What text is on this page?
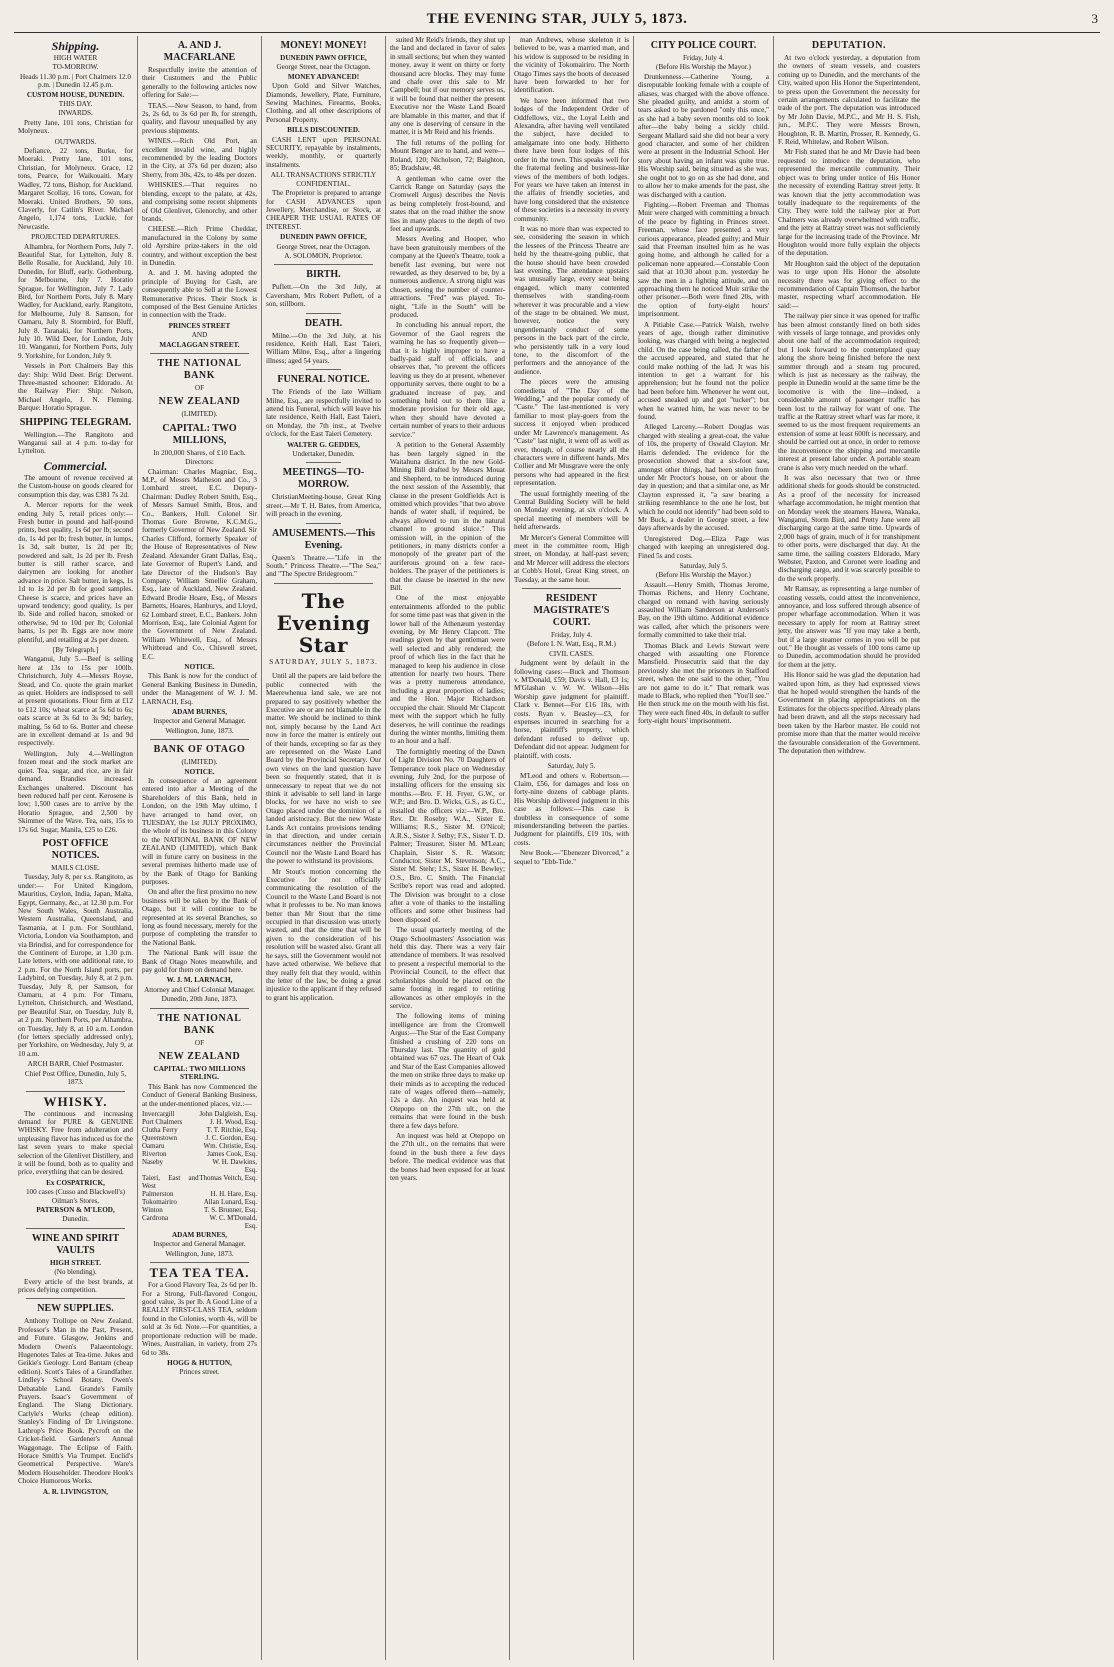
THE EVENING STAR, JULY 5, 1873.	3
Shipping.
HIGH WATER
TO-MORROW.
Heads 11.30 p.m. | Port Chalmers 12.0 p.m. | Dunedin 12.45 p.m.
CUSTOM HOUSE, DUNEDIN.
THIS DAY.
INWARDS.

Pretty Jane, 101 tons, Christian for Molyneux.

OUTWARDS.

Defiance, 22 tons, Burke, for Moeraki. Pretty Jane, 101 tons, Christian, for Molyneux. Grace, 12 tons, Pearce, for Waikouaiti. Mary Wadley, 72 tons, Bishop, for Auckland. Margaret Scollay, 16 tons, Cowan, for Moeraki. United Brothers, 50 tons, Claverly, for Catlin's River. Michael Angelo, 1,174 tons, Luckie, for Newcastle.

PROJECTED DEPARTURES.

Alhambra, for Northern Ports, July 7. Beautiful Star, for Lyttelton, July 8. Belle Rosalie, for Auckland, July 10. Dunedin, for Bluff, early. Gothenburg, for Melbourne, July 7. Horatio Sprague, for Wellington, July 7. Lady Bird, for Northern Ports, July 8. Mary Wadley, for Auckland, early. Rangitoto, for Melbourne, July 8. Samson, for Oamaru, July 8. Stormbird, for Bluff, July 8. Taranaki, for Northern Ports, July 10. Wild Deer, for London, July 10. Wanganui, for Northern Ports, July 9. Yorkshire, for London, July 9.

Vessels in Port Chalmers Bay this day: Ship: Wild Deer. Brig: Derwent. Three-masted schooner: Eldorado. At the Railway Pier: Ship: Nelson, Michael Angelo, J. N. Fleming. Barque: Horatio Sprague.

SHIPPING TELEGRAM.

Wellington.—The Rangitoto and Wanganui sail at 4 p.m. to-day for Lyttelton.

Commercial.

The amount of revenue received at the Custom-house on goods cleared for consumption this day, was £381 7s 2d.

A. Mercer reports for the week ending July 5, retail prices only:— Fresh butter in pound and half-pound prints, best quality, 1s 6d per lb; second do, 1s 4d per lb; fresh butter, in lumps, 1s 3d, salt butter, 1s 2d per lb; powdered and salt, 1s 2d per lb. Fresh butter is still rather scarce, and dairymen are looking for another advance in price. Salt butter, in kegs, 1s 1d to 1s 2d per lb for good samples. Cheese is scarce, and prices have an upward tendency; good quality, 1s per lb. Side and rolled bacon, smoked or otherwise, 9d to 10d per lb; Colonial hams, 1s per lb. Eggs are now more plentiful, and retailing at 2s per dozen.

[By Telegraph.]

Wanganui, July 5.—Beef is selling here at 13s to 15s per 100lb. Christchurch, July 4.—Messrs Royse, Stead, and Co. quote the grain market as quiet. Holders are indisposed to sell at present quotations. Flour firm at £12 to £12 10s; wheat scarce at 5s 6d to 6s; oats scarce at 3s 6d to 3s 9d; barley, malting, 5s 6d to 6s. Butter and cheese are in excellent demand at 1s and 9d respectively.

Wellington, July 4.—Wellington frozen meat and the stock market are quiet. Tea, sugar, and rice, are in fair demand. Brandies increased. Exchanges unaltered. Discount has been reduced half per cent. Kerosene is low; 1,500 cases are to arrive by the Horatio Sprague, and 2,500 by Skimmer of the Wave. Tea, oats, 15s to 17s 6d. Sugar, Manila, £25 to £26.

POST OFFICE NOTICES.
MAILS CLOSE.

Tuesday, July 8, per s.s. Rangitoto, as under:— For United Kingdom, Mauritius, Ceylon, India, Japan, Malta, Egypt, Germany, &c., at 12.30 p.m. For New South Wales, South Australia, Western Australia, Queensland, and Tasmania, at 1 p.m. For Southland, Victoria, London via Southampton, and via Brindisi, and for correspondence for the Continent of Europe, at 1.30 p.m. Late letters, with one additional rate, to 2 p.m. For the North Island ports, per Ladybird, on Tuesday, July 8, at 2 p.m. Tuesday, July 8, per Samson, for Oamaru, at 4 p.m. For Timaru, Lyttelton, Christchurch, and Westland, per Beautiful Star, on Tuesday, July 8, at 2 p.m. Northern Ports, per Alhambra, on Tuesday, July 8, at 10 a.m. London (for letters specially addressed only), per Yorkshire, on Wednesday, July 9, at 10 a.m.

ARCH BARR, Chief Postmaster.
Chief Post Office, Dunedin, July 5, 1873.
WHISKY.

The continuous and increasing demand for PURE & GENUINE WHISKY. Free from adulteration and unpleasing flavor has induced us for the last seven years to make special selection of the Glenlivet Distillery, and it will be found, both as to quality and price, everything that can be desired.

Ex COSPATRICK,
100 cases (Cusso and Blackwell's) Oilman's Stores,
PATERSON & M'LEOD,
Dunedin.
WINE AND SPIRIT VAULTS
HIGH STREET.
(No blending).

Every article of the best brands, at prices defying competition.

NEW SUPPLIES.

Anthony Trollope on New Zealand. Professor's Man in the Past, Present, and Future. Glasgow, Jenkins and Modern Owen's Palaeontology. Hugenotes Tales at Tea-time. Jukes and Geikie's Geology. Lord Bantam (cheap edition). Scott's Tales of a Grandfather. Lindley's School Botany. Owen's Debatable Land. Grande's Family Prayers. Isaac's Government of England. The Slang Dictionary. Carlyle's Works (cheap edition). Stanley's Finding of Dr Livingstone. Lathrop's Price Book. Pycroft on the Cricket-field. Gardener's Annual Waggonage. The Eclipse of Faith. Horace Smith's Via Trumpet. Euclid's Geometrical Perspective. Ware's Modern Householder. Theodore Hook's Choice Humorous Works.

A. R. LIVINGSTON,
A. AND J. MACFARLANE

Respectfully invite the attention of their Customers and the Public generally to the following articles now offering for Sale:—

TEAS.—New Season, to hand, from 2s, 2s 6d, to 3s 6d per lb, for strength, quality, and flavour unequalled by any previous shipments.

WINES.—Rich Old Port, an excellent invalid wine, and highly recommended by the leading Doctors in the City, at 37s 6d per dozen; also Sherry, from 30s, 42s, to 48s per dozen.

WHISKIES.—That requires no blending, except to the palate, at 42s, and comprising some recent shipments of Old Glenlivet, Glenorchy, and other brands.

CHEESE.—Rich Prime Cheddar, manufactured in the Colony by some old Ayrshire prize-takers in the old country, and without exception the best in Dunedin.

A. and J. M. having adopted the principle of Buying for Cash, are consequently able to Sell at the Lowest Remunerative Prices. Their Stock is composed of the Best Genuine Articles in connection with the Trade.

PRINCES STREET
AND
MACLAGGAN STREET.
THE NATIONAL BANK
OF
NEW ZEALAND
(LIMITED).
CAPITAL: TWO MILLIONS,
In 200,000 Shares, of £10 Each.
Directors:

Chairman: Charles Magniac, Esq., M.P., of Messrs Matheson and Co., 3 Lombard street, E.C. Deputy-Chairman: Dudley Robert Smith, Esq., of Messrs Samuel Smith, Bros, and Co., Bankers, Hull. Colonel Sir Thomas Gore Browne, K.C.M.G., formerly Governor of New Zealand. Sir Charles Clifford, formerly Speaker of the House of Representatives of New Zealand. Alexander Grant Dallas, Esq., late Governor of Rupert's Land, and late Director of the Hudson's Bay Company. William Smellie Graham, Esq., late of Auckland, New Zealand. Edward Brodie Hoare, Esq., of Messrs Barnetts, Hoares, Hanburys, and Lloyd, 62 Lombard street, E.C., Bankers. John Morrison, Esq., late Colonial Agent for the Government of New Zealand. William Whitewell, Esq., of Messrs Whitbread and Co., Chiswell street, E.C.

NOTICE.

This Bank is now for the conduct of General Banking Business in Dunedin, under the Management of W. J. M. LARNACH, Esq.

ADAM BURNES,
Inspector and General Manager.
Wellington, June, 1873.
BANK OF OTAGO
(LIMITED).
NOTICE.

In consequence of an agreement entered into after a Meeting of the Shareholders of this Bank, held in London, on the 19th May ultimo, I have arranged to hand over, on TUESDAY, the 1st JULY PROXIMO, the whole of its business in this Colony to the NATIONAL BANK OF NEW ZEALAND (LIMITED), which Bank will in future carry on business in the several premises hitherto made use of by the Bank of Otago for Banking purposes.

On and after the first proximo no new business will be taken by the Bank of Otago, but it will continue to be represented at its several Branches, so long as found necessary, merely for the purpose of completing the transfer to the National Bank.

The National Bank will issue the Bank of Otago Notes meanwhile, and pay gold for them on demand here.

W. J. M. LARNACH,
Attorney and Chief Colonial Manager.
Dunedin, 20th June, 1873.
THE NATIONAL BANK
OF
NEW ZEALAND
CAPITAL: TWO MILLIONS STERLING.

This Bank has now Commenced the Conduct of General Banking Business, at the under-mentioned places, viz.:—

Invercargill	John Dalgleish, Esq.
Port Chalmers	J. H. Wood, Esq.
Clutha Ferry	T. T. Ritchie, Esq.
Queenstown	J. C. Gordon, Esq.
Oamaru	Wm. Christie, Esq.
Riverton	James Cook, Esq.
Naseby	W. H. Dawkins, Esq.
Taieri, East and West	Thomas Veitch, Esq.
Palmerston	H. H. Hare, Esq.
Tokomairiro	Allan Lunard, Esq.
Winton	T. S. Brunner, Esq.
Cardrona	W. C. M'Donald, Esq.
ADAM BURNES,
Inspector and General Manager.
Wellington, June, 1873.
TEA TEA TEA.

For a Good Flavory Tea, 2s 6d per lb. For a Strong, Full-flavored Congou, good value, 3s per lb. A Good Line of a REALLY FIRST-CLASS TEA, seldom found in the Colonies, worth 4s, will be sold at 3s 6d. Note.—For quantities, a proportionate reduction will be made. Wines, Australian, in variety, from 27s 6d to 38s.

HOGG & HUTTON,
Princes street.
MONEY! MONEY!
DUNEDIN PAWN OFFICE,
George Street, near the Octagon.
MONEY ADVANCED!

Upon Gold and Silver Watches, Diamonds, Jewellery, Plate, Furniture, Sewing Machines, Firearms, Books, Clothing, and all other descriptions of Personal Property.

BILLS DISCOUNTED.

CASH LENT upon PERSONAL SECURITY, repayable by instalments, weekly, monthly, or quarterly instalments.

ALL TRANSACTIONS STRICTLY CONFIDENTIAL.

The Proprietor is prepared to arrange for CASH ADVANCES upon Jewellery, Merchandise, or Stock, at CHEAPER THE USUAL RATES OF INTEREST.

DUNEDIN PAWN OFFICE,
George Street, near the Octagon.
A. SOLOMON, Proprietor.
BIRTH.

Puflett.—On the 3rd July, at Caversham, Mrs Robert Puflett, of a son, stillborn.

DEATH.

Milne.—On the 3rd July, at his residence, Keith Hall, East Taieri, William Milne, Esq., after a lingering illness; aged 54 years.

FUNERAL NOTICE.

The Friends of the late William Milne, Esq., are respectfully invited to attend his Funeral, which will leave his late residence, Keith Hall, East Taieri, on Monday, the 7th inst., at Twelve o'clock, for the East Taieri Cemetery.

WALTER G. GEDDES,
Undertaker, Dunedin.
MEETINGS—TO-MORROW.

ChristianMeeting-house, Great King street.—Mr T. H. Bates, from America, will preach in the evening.

AMUSEMENTS.—This Evening.

Queen's Theatre.—"Life in the South." Princess Theatre.—"The Sea," and "The Spectre Bridegroom."

The Evening Star
SATURDAY, JULY 5, 1873.

Until all the papers are laid before the public connected with the Maerewhenua land sale, we are not prepared to say positively whether the Executive are or are not blamable in the matter. We should be inclined to think not, simply because by the Land Act now in force the matter is entirely out of their hands, excepting so far as they are represented on the Waste Land Board by the Provincial Secretary. Our own views on the land question have been so frequently stated, that it is unnecessary to repeat that we do not think it advisable to sell land in large blocks, for we have no wish to see Otago placed under the dominion of a landed aristocracy. But the new Waste Lands Act contains provisions tending in that direction, and under certain circumstances neither the Provincial Council nor the Waste Land Board has the power to withstand its provisions.

Mr Stout's motion concerning the Executive for not officially communicating the resolution of the Council to the Waste Land Board is not what it professes to be. No man knows better than Mr Stout that the time occupied in that discussion was utterly wasted, and that the time that will be given to the consideration of his resolution will be wasted also. Grant all he says, still the Government would not have acted otherwise. We believe that they really felt that they would, within the letter of the law, be doing a great injustice to the applicant if they refused to grant his application.

suited Mr Reid's friends, they shut up the land and declared in favor of sales in small sections; but when they wanted money, away it went on thirty or forty thousand acre blocks. They may fume and chafe over this sale to Mr Campbell; but if our memory serves us, it will be found that neither the present Executive nor the Waste Land Board are blamable in this matter, and that if any one is deserving of censure in the matter, it is Mr Reid and his friends.

The full returns of the polling for Mount Benger are to hand, and were—Roland, 120; Nicholson, 72; Baighton, 85; Bradshaw, 48.

A gentleman who came over the Carrick Range on Saturday (says the Cromwell Argus) describes the Nevis as being completely frost-bound, and states that on the road thither the snow lies in many places to the depth of two feet and upwards.

Messrs Aveling and Hooper, who have been gratuitously members of the company at the Queen's Theatre, took a benefit last evening, but were not rewarded, as they deserved to be, by a numerous audience. A strong night was chosen, seeing the number of counter-attractions. "Fred" was played. To-night, "Life in the South" will be produced.

In concluding his annual report, the Governor of the Gaol regrets the warning he has so frequently given—that it is highly improper to have a badly-paid staff of officials, and observes that, "to prevent the officers leaving us they do at present, whenever opportunity serves, there ought to be a graduated increase of pay, and something held out to them like a moderate provision for their old age, when they should have devoted a certain number of years to their arduous service."

A petition to the General Assembly has been largely signed in the Waitahuna district. In the new Gold-Mining Bill drafted by Messrs Mouat and Shepherd, to be introduced during the next session of the Assembly, that clause in the present Goldfields Act is omitted which provides "that two above hands of water shall, if required, be always allowed to run in the natural channel to ground sluice." This omission will, in the opinion of the petitioners, in many districts confer a monopoly of the greater part of the auriferous ground on a few race-holders. The prayer of the petitioners is that the clause be inserted in the new Bill.

One of the most enjoyable entertainments afforded to the public for some time past was that given in the lower hall of the Athenæum yesterday evening, by Mr Henry Clapcott. The readings given by that gentleman were well selected and ably rendered; the proof of which lies in the fact that he managed to keep his audience in close attention for nearly two hours. There was a pretty numerous attendance, including a great proportion of ladies; and the Hon. Major Richardson occupied the chair. Should Mr Clapcott meet with the support which he fully deserves, he will continue the readings during the winter months, limiting them to an hour and a half.

The fortnightly meeting of the Dawn of Light Division No. 70 Daughters of Temperance took place on Wednesday evening, July 2nd, for the purpose of installing officers for the ensuing six months.—Bro. F. H. Fryer, G.W., or W.P.; and Bro. D. Wicks, G.S., as G.C., installed the officers viz:—W.P., Bro. Rev. Dr. Roseby; W.A., Sister E. Williams; R.S., Sister M. O'Nicol; A.R.S., Sister J. Selby; F.S., Sister T. D. Palmer; Treasurer, Sister M. M'Lean; Chaplain, Sister S. R. Watson; Conductor, Sister M. Stevenson; A.C., Sister M. Stehr; I.S., Sister H. Bewley; O.S., Bro. C. Smith. The Financial Scribe's report was read and adopted. The Division was brought to a close after a vote of thanks to the installing officers and some other business had been disposed of.

The usual quarterly meeting of the Otago Schoolmasters' Association was held this day. There was a very fair attendance of members. It was resolved to present a respectful memorial to the Provincial Council, to the effect that scholarships should be placed on the same footing in regard to retiring allowances as other employés in the service.

The following items of mining intelligence are from the Cromwell Argus:—The Star of the East Company finished a crushing of 220 tons on Thursday last. The quantity of gold obtained was 67 ozs. The Heart of Oak and Star of the East Companies allowed the men on strike three days to make up their minds as to accepting the reduced rate of wages offered them—namely, 12s a day. An inquest was held at Otepopo on the 27th ult., on the remains that were found in the bush there a few days before.

An inquest was held at Otepopo on the 27th ult., on the remains that were found in the bush there a few days before. The medical evidence was that the bones had been exposed for at least ten years.

man Andrews, whose skeleton it is believed to be, was a married man, and his widow is supposed to be residing in the vicinity of Tokomairiro. The North Otago Times says the boots of deceased have been forwarded to her for identification.

We have been informed that two lodges of the Independent Order of Oddfellows, viz., the Loyal Leith and Alexandra, after having well ventilated the subject, have decided to amalgamate into one body. Hitherto there have been four lodges of this order in the town. This speaks well for the fraternal feeling and business-like views of the members of both lodges. For years we have taken an interest in the affairs of friendly societies, and have long considered that the existence of these societies is a necessity in every community.

It was no more than was expected to see, considering the season in which the lessees of the Princess Theatre are held by the theatre-going public, that the house should have been crowded last evening. The attendance upstairs was unusually large, every seat being engaged, which many contented themselves with standing-room wherever it was procurable and a view of the stage to be obtained. We must, however, notice the very ungentlemanly conduct of some persons in the back part of the circle, who persistently talk in a very loud tone, to the discomfort of the performers and the annoyance of the audience.

The pieces were the amusing comedietta of "The Day of the Wedding," and the popular comedy of "Caste." The last-mentioned is very familiar to most play-goers from the success it enjoyed when produced under Mr Lawrence's management. As "Caste" last night, it went off as well as ever, though, of course nearly all the characters were in different hands. Mrs Collier and Mr Musgrave were the only persons who had appeared in the first representation.

The usual fortnightly meeting of the Central Building Society will be held on Monday evening, at six o'clock. A special meeting of members will be held afterwards.

Mr Mercer's General Committee will meet in the committee room, High street, on Monday, at half-past seven; and Mr Mercer will address the electors at Cobb's Hotel, Great King street, on Tuesday, at the same hour.

RESIDENT MAGISTRATE'S COURT.
Friday, July 4.
(Before I. N. Watt, Esq., R.M.)
CIVIL CASES.

Judgment went by default in the following cases:—Buck and Thomson v. M'Donald, £59; Davis v. Hall, £3 1s; M'Glashan v. W. W. Wilson—His Worship gave judgment for plaintiff. Clark v. Bennet—For £16 18s, with costs. Ryan v. Beasley—£3, for expenses incurred in searching for a horse, plaintiff's property, which defendant refused to deliver up. Defendant did not appear. Judgment for plaintiff, with costs.

Saturday, July 5.

M'Leod and others v. Robertson.—Claim, £56, for damages and loss on forty-nine dozens of cabbage plants. His Worship delivered judgment in this case as follows:—This case is doubtless in consequence of some misunderstanding between the parties. Judgment for plaintiffs, £19 10s, with costs.

New Book.—"Ebenezer Divorced," a sequel to "Ebb-Tide."

CITY POLICE COURT.
Friday, July 4.
(Before His Worship the Mayor.)

Drunkenness.—Catherine Young, a disreputable looking female with a couple of aliases, was charged with the above offence. She pleaded guilty, and amidst a storm of tears asked to be pardoned "only this once," as she had a baby seven months old to look after—the baby being a sickly child. Sergeant Mallard said she did not bear a very good character, and some of her children were at present in the Industrial School. Her story about having an infant was quite true. His Worship said, being situated as she was, she ought not to go on as she had done, and to allow her to make amends for the past, she was discharged with a caution.

Fighting.—Robert Freeman and Thomas Muir were charged with committing a breach of the peace by fighting in Princes street. Freeman, whose face presented a very curious appearance, pleaded guilty; and Muir said that Freeman insulted him as he was going home, and although he called for a policeman none appeared.—Constable Coon said that at 10.30 about p.m. yesterday he saw the men in a fighting attitude, and on approaching them he noticed Muir strike the other prisoner.—Both were fined 20s, with the option of forty-eight hours' imprisonment.

A Pitiable Case.—Patrick Walsh, twelve years of age, though rather diminutive looking, was charged with being a neglected child. On the case being called, the father of the accused appeared, and stated that he could make nothing of the lad. It was his intention to get a warrant for his apprehension; but he found not the police had been before him. Whenever he went out, accused sneaked up and got "tucker"; but when he wanted him, he was never to be found.

Alleged Larceny.—Robert Douglas was charged with stealing a great-coat, the value of 10s, the property of Oswald Clayton. Mr Harris defended. The evidence for the prosecution showed that a six-foot saw, amongst other things, had been stolen from under Mr Proctor's house, on or about the day in question; and that a similar one, as Mr Clayton expressed it, "a saw bearing a striking resemblance to the one he lost, but which he could not identify" had been sold to Mr Buck, a dealer in George street, a few days afterwards by the accused.

Unregistered Dog.—Eliza Page was charged with keeping an unregistered dog. Fined 5s and costs.

Saturday, July 5.
(Before His Worship the Mayor.)

Assault.—Henry Smith, Thomas Jerome, Thomas Richens, and Henry Cochrane, charged on remand with having seriously assaulted William Sanderson at Anderson's Bay, on the 19th ultimo. Additional evidence was called, after which the prisoners were formally committed to take their trial.

Thomas Black and Lewis Stewart were charged with assaulting one Florence Mansfield. Prosecutrix said that the day previously she met the prisoners in Stafford street, when the one said to the other, "You are not game to do it." That remark was made to Black, who replied then "You'll see." He then struck me on the mouth with his fist. They were each fined 40s, in default to suffer forty-eight hours' imprisonment.

DEPUTATION.

At two o'clock yesterday, a deputation from the owners of steam vessels, and coasters coming up to Dunedin, and the merchants of the City, waited upon His Honor the Superintendent, to press upon the Government the necessity for certain arrangements calculated to facilitate the trade of the port. The deputation was introduced by Mr John Davie, M.P.C., and Mr H. S. Fish, jun., M.P.C. They were Messrs Brown, Houghton, R. B. Martin, Prosser, R. Kennedy, G. F. Reid, Whitelaw, and Robert Wilson.

Mr Fish stated that he and Mr Davie had been requested to introduce the deputation, who represented the mercantile community. Their object was to bring under notice of His Honor the necessity of extending Rattray street jetty. It was known that the jetty accommodation was totally inadequate to the requirements of the City. They were told the railway pier at Port Chalmers was already overwhelmed with traffic, and the jetty at Rattray street was not sufficiently large for the increasing trade of the Province. Mr Houghton would more fully explain the objects of the deputation.

Mr Houghton said the object of the deputation was to urge upon His Honor the absolute necessity there was for giving effect to the recommendation of Captain Thomson, the harbor master, respecting wharf accommodation. He said:—

The railway pier since it was opened for traffic has been almost constantly lined on both sides with vessels of large tonnage, and provides only about one half of the accommodation required; but I look forward to the contemplated quay along the shore being finished before the next summer through and a steam tug procured, which is just as necessary as the railway, the people in Dunedin would at the same time be the locomotive is with the line—indeed, a considerable amount of passenger traffic has been lost to the railway for want of one. The traffic at the Rattray street wharf was far more, it seemed to us the most frequent requirements an extension of some at least 600ft is necessary, and should be carried out at once, in order to remove the inconvenience the shipping and mercantile interest at present labor under. A portable steam crane is also very much needed on the wharf.

It was also necessary that two or three additional sheds for goods should be constructed. As a proof of the necessity for increased wharfage accommodation, he might mention that on Monday week the steamers Hawea, Wanaka, Wanganui, Storm Bird, and Pretty Jane were all discharging cargo at the same time. Upwards of 2,000 bags of grain, much of it for transhipment to other ports, were discharged that day. At the same time, the sailing coasters Eldorado, Mary Webster, Paxton, and Coronet were loading and discharging cargo, and it was scarcely possible to do the work properly.

Mr Ramsay, as representing a large number of coasting vessels, could attest the inconvenience, annoyance, and loss suffered through absence of proper wharfage accommodation. When it was necessary to apply for room at Rattray street jetty, the answer was "If you may take a berth, but if a large steamer comes in you will be put out." He thought as vessels of 100 tons came up to Dunedin, accommodation should be provided for them at the jetty.

His Honor said he was glad the deputation had waited upon him, as they had expressed views that he hoped would strengthen the hands of the Government in placing appropriations on the Estimates for the objects specified. Already plans had been drawn, and all the steps necessary had been taken by the Harbor master. He could not promise more than that the matter would receive the favourable consideration of the Government. The deputation then withdrew.
